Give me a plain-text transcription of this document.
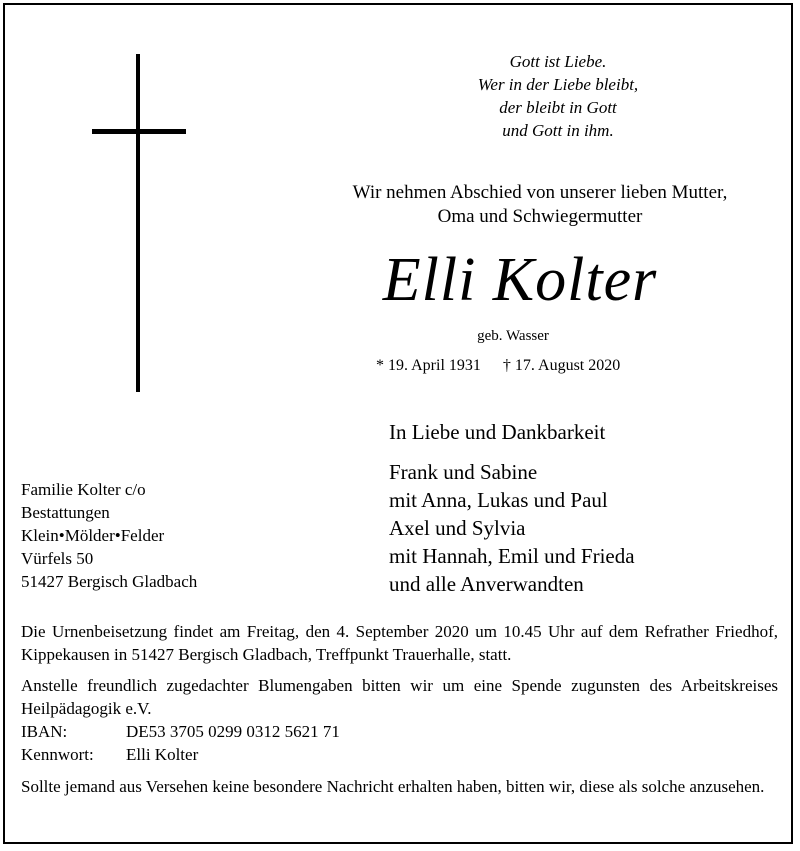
Gott ist Liebe.
Wer in der Liebe bleibt,
der bleibt in Gott
und Gott in ihm.
Wir nehmen Abschied von unserer lieben Mutter,
Oma und Schwiegermutter
Elli Kolter
geb. Wasser
* 19. April 1931 † 17. August 2020
In Liebe und Dankbarkeit
Frank und Sabine
mit Anna, Lukas und Paul
Axel und Sylvia
mit Hannah, Emil und Frieda
und alle Anverwandten
Familie Kolter c/o
Bestattungen
Klein•Mölder•Felder
Vürfels 50
51427 Bergisch Gladbach
Die Urnenbeisetzung findet am Freitag, den 4. September 2020 um 10.45 Uhr auf dem Refrather Friedhof, Kippekausen in 51427 Bergisch Gladbach, Treffpunkt Trauerhalle, statt.
Anstelle freundlich zugedachter Blumengaben bitten wir um eine Spende zugunsten des Arbeitskreises Heilpädagogik e.V.
IBAN:	DE53 3705 0299 0312 5621 71
Kennwort: Elli Kolter
Sollte jemand aus Versehen keine besondere Nachricht erhalten haben, bitten wir, diese als solche anzusehen.
